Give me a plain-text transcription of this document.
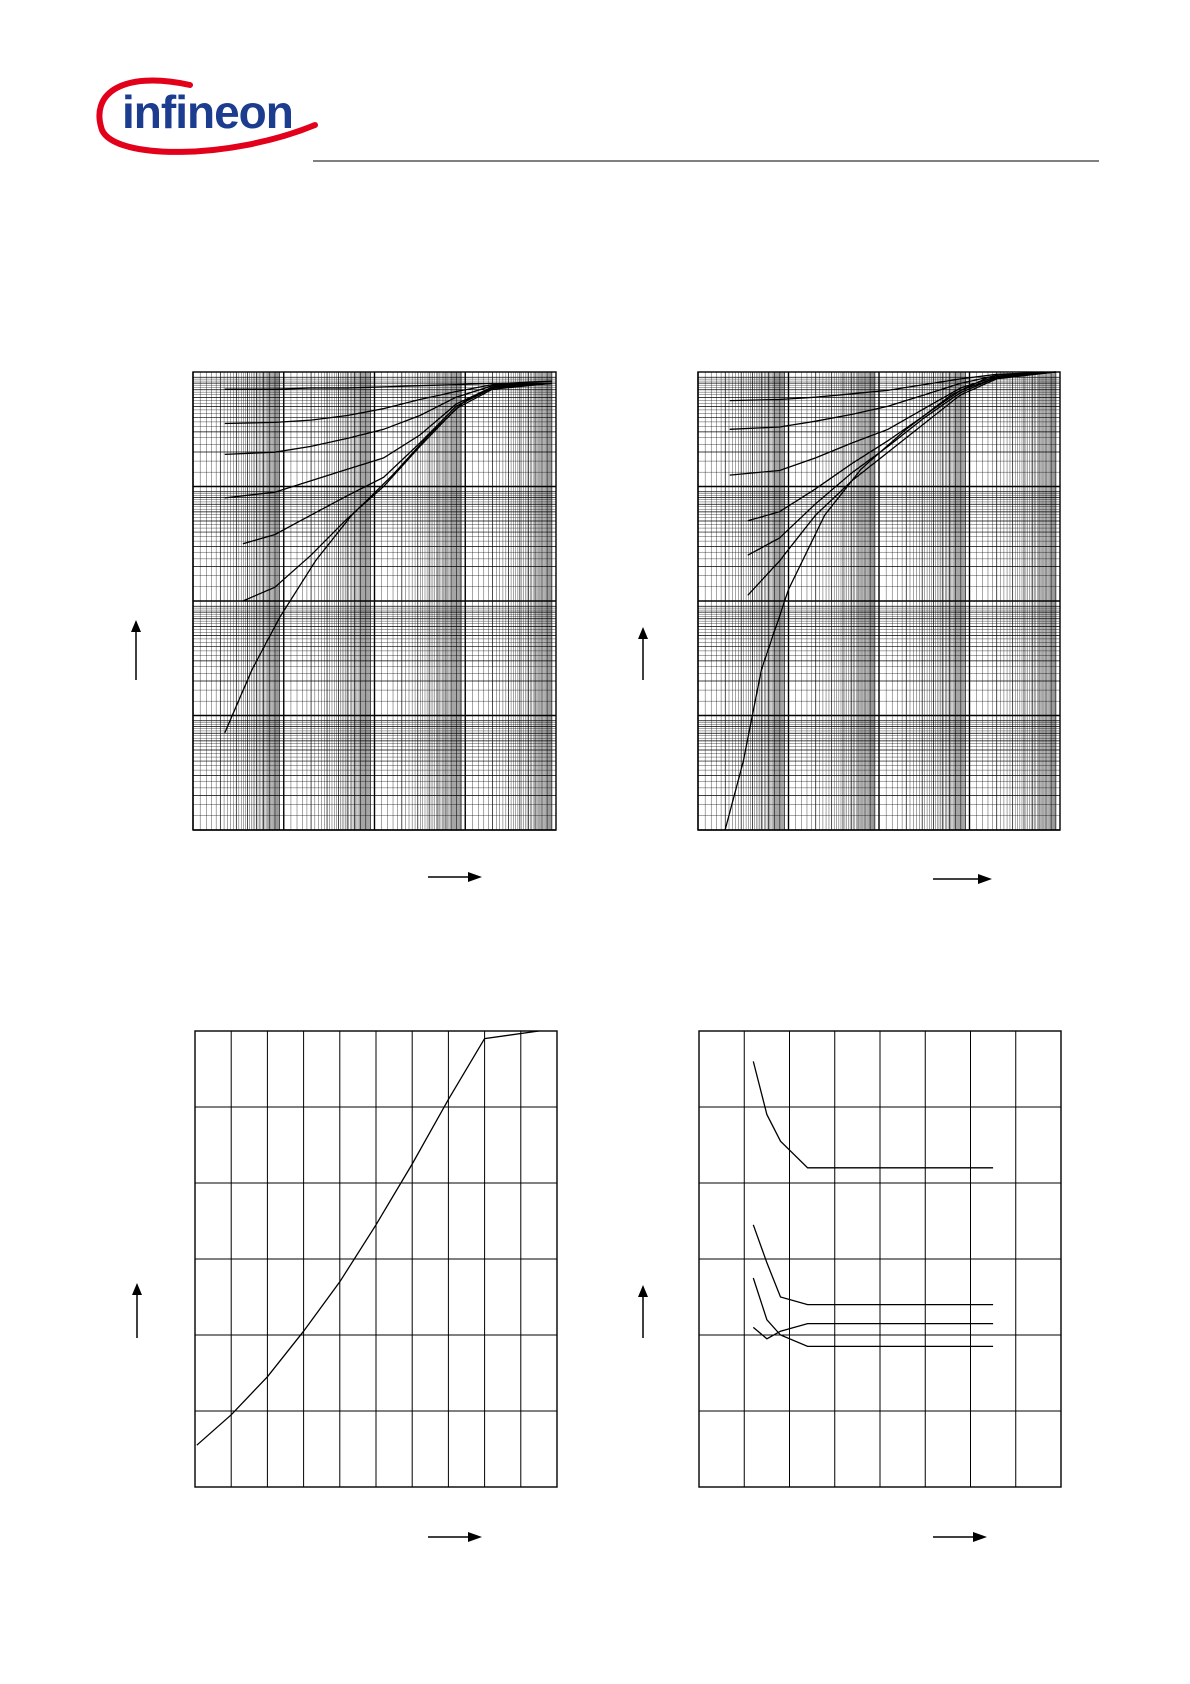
infineon
